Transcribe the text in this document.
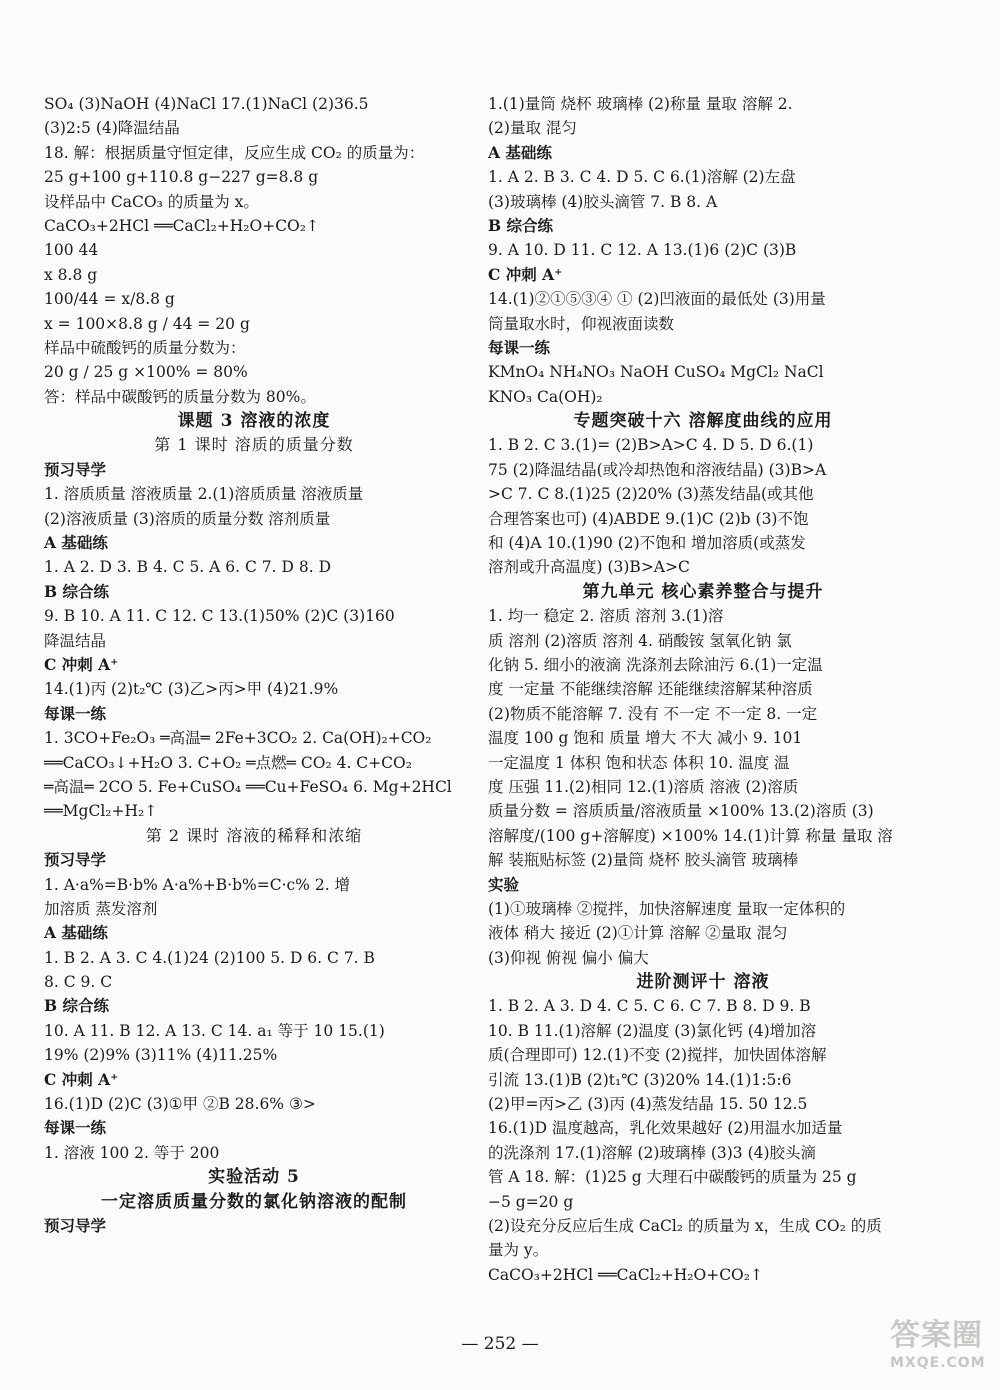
SO₄ (3)NaOH (4)NaCl 17.(1)NaCl (2)36.5
(3)2:5 (4)降温结晶
18. 解：根据质量守恒定律，反应生成 CO₂ 的质量为：
25 g+100 g+110.8 g−227 g=8.8 g
设样品中 CaCO₃ 的质量为 x。
CaCO₃+2HCl ══CaCl₂+H₂O+CO₂↑
100 44
x 8.8 g
100/44 = x/8.8 g
x = 100×8.8 g / 44 = 20 g
样品中硫酸钙的质量分数为：
20 g / 25 g ×100% = 80%
答：样品中碳酸钙的质量分数为 80%。
课题 3 溶液的浓度
第 1 课时 溶质的质量分数
预习导学
1. 溶质质量 溶液质量 2.(1)溶质质量 溶液质量
(2)溶液质量 (3)溶质的质量分数 溶剂质量
A 基础练
1. A 2. D 3. B 4. C 5. A 6. C 7. D 8. D
B 综合练
9. B 10. A 11. C 12. C 13.(1)50% (2)C (3)160
降温结晶
C 冲刺 A⁺
14.(1)丙 (2)t₂℃ (3)乙>丙>甲 (4)21.9%
每课一练
1. 3CO+Fe₂O₃ ═高温═ 2Fe+3CO₂ 2. Ca(OH)₂+CO₂
══CaCO₃↓+H₂O 3. C+O₂ ═点燃═ CO₂ 4. C+CO₂
═高温═ 2CO 5. Fe+CuSO₄ ══Cu+FeSO₄ 6. Mg+2HCl
══MgCl₂+H₂↑
第 2 课时 溶液的稀释和浓缩
预习导学
1. A·a%=B·b% A·a%+B·b%=C·c% 2. 增
加溶质 蒸发溶剂
A 基础练
1. B 2. A 3. C 4.(1)24 (2)100 5. D 6. C 7. B
8. C 9. C
B 综合练
10. A 11. B 12. A 13. C 14. a₁ 等于 10 15.(1)
19% (2)9% (3)11% (4)11.25%
C 冲刺 A⁺
16.(1)D (2)C (3)①甲 ②B 28.6% ③>
每课一练
1. 溶液 100 2. 等于 200
实验活动 5
一定溶质质量分数的氯化钠溶液的配制
预习导学
1.(1)量筒 烧杯 玻璃棒 (2)称量 量取 溶解 2.
(2)量取 混匀
A 基础练
1. A 2. B 3. C 4. D 5. C 6.(1)溶解 (2)左盘
(3)玻璃棒 (4)胶头滴管 7. B 8. A
B 综合练
9. A 10. D 11. C 12. A 13.(1)6 (2)C (3)B
C 冲刺 A⁺
14.(1)②①⑤③④ ① (2)凹液面的最低处 (3)用量
筒量取水时，仰视液面读数
每课一练
KMnO₄ NH₄NO₃ NaOH CuSO₄ MgCl₂ NaCl
KNO₃ Ca(OH)₂
专题突破十六 溶解度曲线的应用
1. B 2. C 3.(1)= (2)B>A>C 4. D 5. D 6.(1)
75 (2)降温结晶(或冷却热饱和溶液结晶) (3)B>A
>C 7. C 8.(1)25 (2)20% (3)蒸发结晶(或其他
合理答案也可) (4)ABDE 9.(1)C (2)b (3)不饱
和 (4)A 10.(1)90 (2)不饱和 增加溶质(或蒸发
溶剂或升高温度) (3)B>A>C
第九单元 核心素养整合与提升
1. 均一 稳定 2. 溶质 溶剂 3.(1)溶
质 溶剂 (2)溶质 溶剂 4. 硝酸铵 氢氧化钠 氯
化钠 5. 细小的液滴 洗涤剂去除油污 6.(1)一定温
度 一定量 不能继续溶解 还能继续溶解某种溶质
(2)物质不能溶解 7. 没有 不一定 不一定 8. 一定
温度 100 g 饱和 质量 增大 不大 减小 9. 101
一定温度 1 体积 饱和状态 体积 10. 温度 温
度 压强 11.(2)相同 12.(1)溶质 溶液 (2)溶质
质量分数 = 溶质质量/溶液质量 ×100% 13.(2)溶质 (3)
溶解度/(100 g+溶解度) ×100% 14.(1)计算 称量 量取 溶
解 装瓶贴标签 (2)量筒 烧杯 胶头滴管 玻璃棒
实验
(1)①玻璃棒 ②搅拌，加快溶解速度 量取一定体积的
液体 稍大 接近 (2)①计算 溶解 ②量取 混匀
(3)仰视 俯视 偏小 偏大
进阶测评十 溶液
1. B 2. A 3. D 4. C 5. C 6. C 7. B 8. D 9. B
10. B 11.(1)溶解 (2)温度 (3)氯化钙 (4)增加溶
质(合理即可) 12.(1)不变 (2)搅拌，加快固体溶解
引流 13.(1)B (2)t₁℃ (3)20% 14.(1)1:5:6
(2)甲=丙>乙 (3)丙 (4)蒸发结晶 15. 50 12.5
16.(1)D 温度越高，乳化效果越好 (2)用温水加适量
的洗涤剂 17.(1)溶解 (2)玻璃棒 (3)3 (4)胶头滴
管 A 18. 解：(1)25 g 大理石中碳酸钙的质量为 25 g
−5 g=20 g
(2)设充分反应后生成 CaCl₂ 的质量为 x，生成 CO₂ 的质
量为 y。
CaCO₃+2HCl ══CaCl₂+H₂O+CO₂↑
— 252 —	答案圈
MXQE.COM
